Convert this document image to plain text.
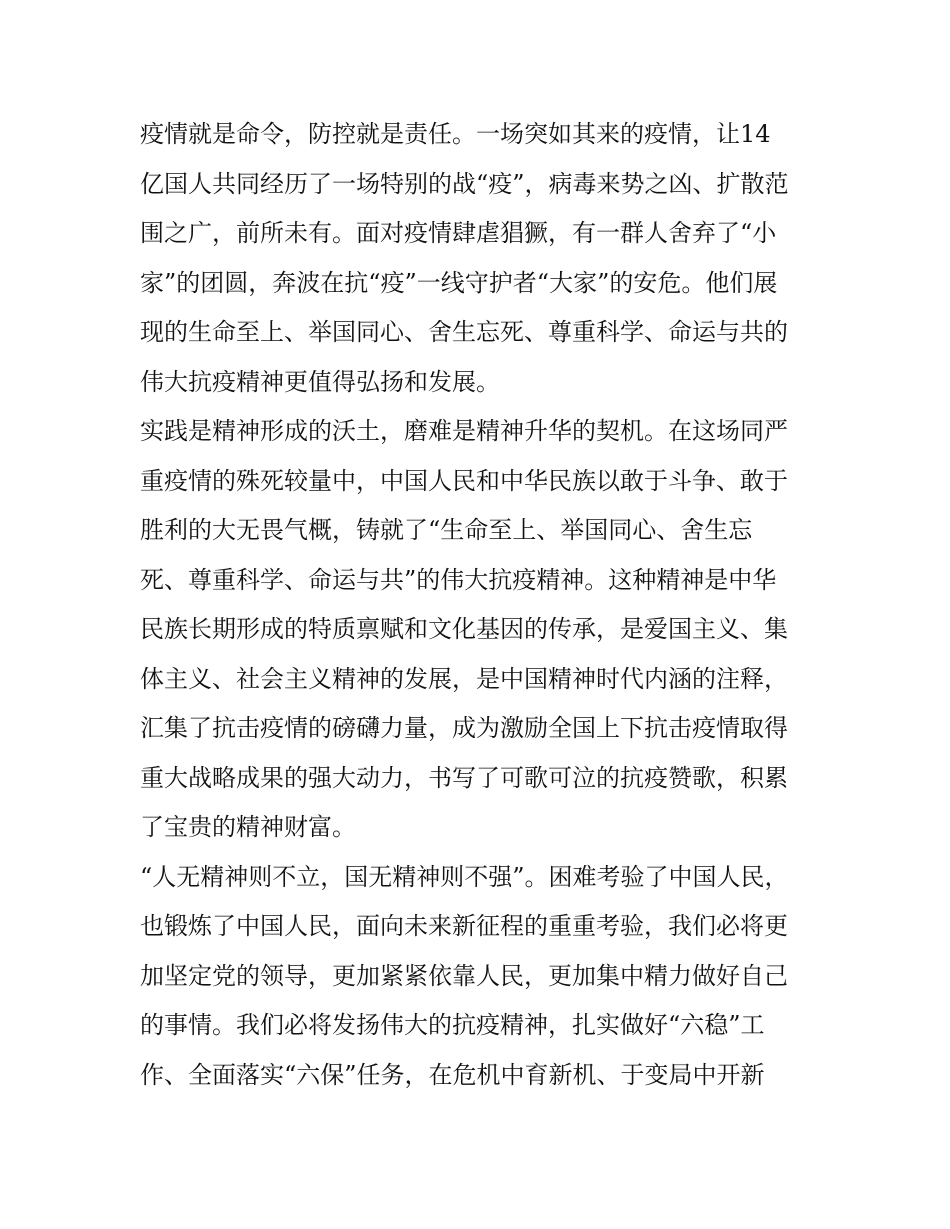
疫情就是命令，防控就是责任。一场突如其来的疫情，让14
亿国人共同经历了一场特别的战“疫”，病毒来势之凶、扩散范
围之广，前所未有。面对疫情肆虐猖獗，有一群人舍弃了“小
家”的团圆，奔波在抗“疫”一线守护者“大家”的安危。他们展
现的生命至上、举国同心、舍生忘死、尊重科学、命运与共的
伟大抗疫精神更值得弘扬和发展。
实践是精神形成的沃土，磨难是精神升华的契机。在这场同严
重疫情的殊死较量中，中国人民和中华民族以敢于斗争、敢于
胜利的大无畏气概，铸就了“生命至上、举国同心、舍生忘
死、尊重科学、命运与共”的伟大抗疫精神。这种精神是中华
民族长期形成的特质禀赋和文化基因的传承，是爱国主义、集
体主义、社会主义精神的发展，是中国精神时代内涵的注释，
汇集了抗击疫情的磅礴力量，成为激励全国上下抗击疫情取得
重大战略成果的强大动力，书写了可歌可泣的抗疫赞歌，积累
了宝贵的精神财富。
“人无精神则不立，国无精神则不强”。困难考验了中国人民，
也锻炼了中国人民，面向未来新征程的重重考验，我们必将更
加坚定党的领导，更加紧紧依靠人民，更加集中精力做好自己
的事情。我们必将发扬伟大的抗疫精神，扎实做好“六稳”工
作、全面落实“六保”任务，在危机中育新机、于变局中开新
